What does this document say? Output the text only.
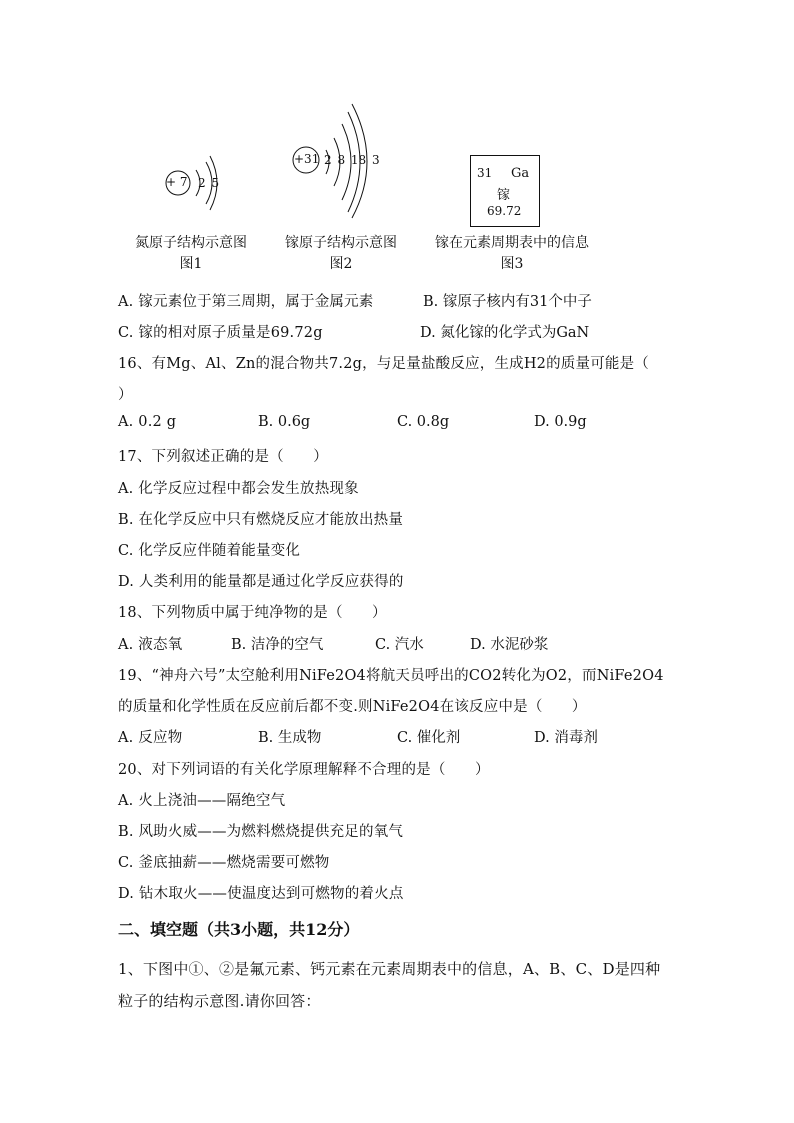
+ 7 2 5
氮原子结构示意图
图1
+31 2 8 18 3
镓原子结构示意图
图2
31 Ga
镓
69.72
镓在元素周期表中的信息
图3
A. 镓元素位于第三周期，属于金属元素	B. 镓原子核内有31个中子
C. 镓的相对原子质量是69.72g	D. 氮化镓的化学式为GaN
16、有Mg、Al、Zn的混合物共7.2g，与足量盐酸反应，生成H2的质量可能是（
）
A. 0.2 g	B. 0.6g	C. 0.8g	D. 0.9g
17、下列叙述正确的是（　　）
A. 化学反应过程中都会发生放热现象
B. 在化学反应中只有燃烧反应才能放出热量
C. 化学反应伴随着能量变化
D. 人类利用的能量都是通过化学反应获得的
18、下列物质中属于纯净物的是（　　）
A. 液态氧	B. 洁净的空气	C. 汽水	D. 水泥砂浆
19、“神舟六号”太空舱利用NiFe2O4将航天员呼出的CO2转化为O2，而NiFe2O4
的质量和化学性质在反应前后都不变.则NiFe2O4在该反应中是（　　）
A. 反应物	B. 生成物	C. 催化剂	D. 消毒剂
20、对下列词语的有关化学原理解释不合理的是（　　）
A. 火上浇油——隔绝空气
B. 风助火威——为燃料燃烧提供充足的氧气
C. 釜底抽薪——燃烧需要可燃物
D. 钻木取火——使温度达到可燃物的着火点
二、填空题（共3小题，共12分）
1、下图中①、②是氟元素、钙元素在元素周期表中的信息，A、B、C、D是四种
粒子的结构示意图.请你回答：
